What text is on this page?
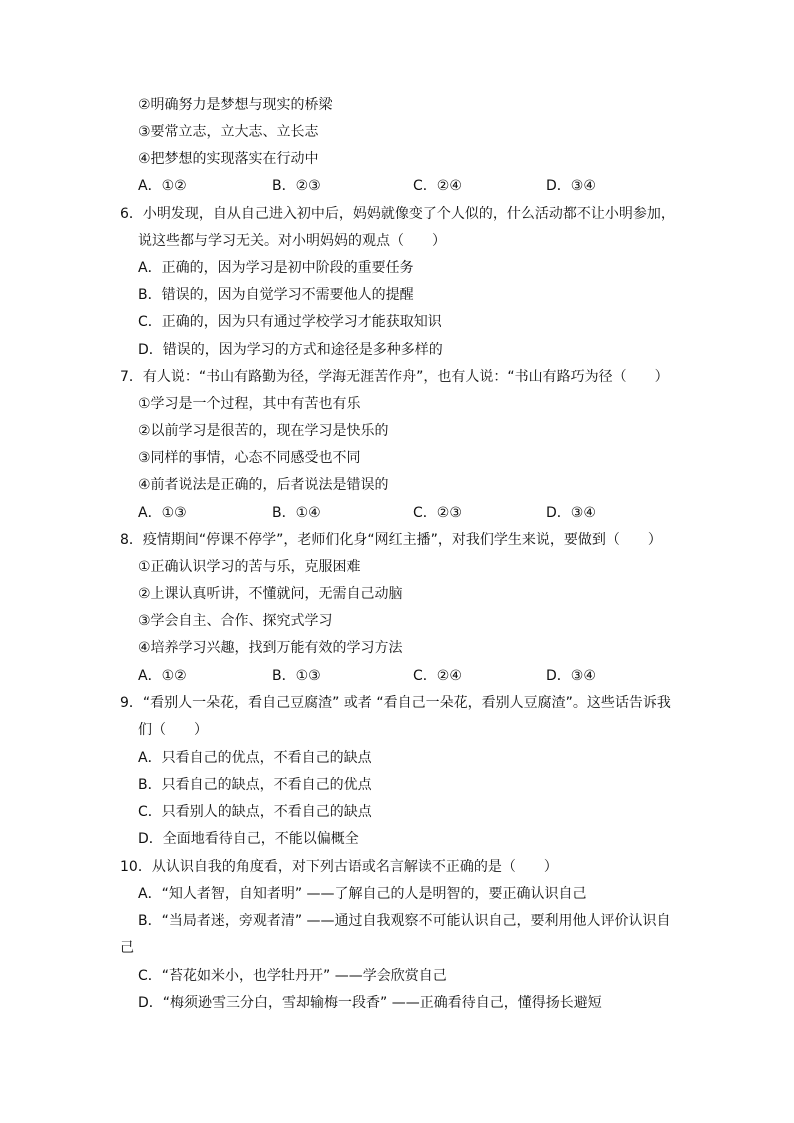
②明确努力是梦想与现实的桥梁
③要常立志，立大志、立长志
④把梦想的实现落实在行动中
A．①②	B．②③	C．②④	D．③④
6．小明发现，自从自己进入初中后，妈妈就像变了个人似的，什么活动都不让小明参加，
说这些都与学习无关。对小明妈妈的观点（　　）
A．正确的，因为学习是初中阶段的重要任务
B．错误的，因为自觉学习不需要他人的提醒
C．正确的，因为只有通过学校学习才能获取知识
D．错误的，因为学习的方式和途径是多种多样的
7．有人说：“书山有路勤为径，学海无涯苦作舟”，也有人说：“书山有路巧为径（　　）
①学习是一个过程，其中有苦也有乐
②以前学习是很苦的，现在学习是快乐的
③同样的事情，心态不同感受也不同
④前者说法是正确的，后者说法是错误的
A．①③	B．①④	C．②③	D．③④
8．疫情期间“停课不停学”，老师们化身“网红主播”，对我们学生来说，要做到（　　）
①正确认识学习的苦与乐，克服困难
②上课认真听讲，不懂就问，无需自己动脑
③学会自主、合作、探究式学习
④培养学习兴趣，找到万能有效的学习方法
A．①②	B．①③	C．②④	D．③④
9．“看别人一朵花，看自己豆腐渣” 或者 “看自己一朵花，看别人豆腐渣”。这些话告诉我
们（　　）
A．只看自己的优点，不看自己的缺点
B．只看自己的缺点，不看自己的优点
C．只看别人的缺点，不看自己的缺点
D．全面地看待自己，不能以偏概全
10．从认识自我的角度看，对下列古语或名言解读不正确的是（　　）
A．“知人者智，自知者明” ——了解自己的人是明智的，要正确认识自己
B．“当局者迷，旁观者清” ——通过自我观察不可能认识自己，要利用他人评价认识自
己
C．“苔花如米小，也学牡丹开” ——学会欣赏自己
D．“梅须逊雪三分白，雪却输梅一段香” ——正确看待自己，懂得扬长避短
